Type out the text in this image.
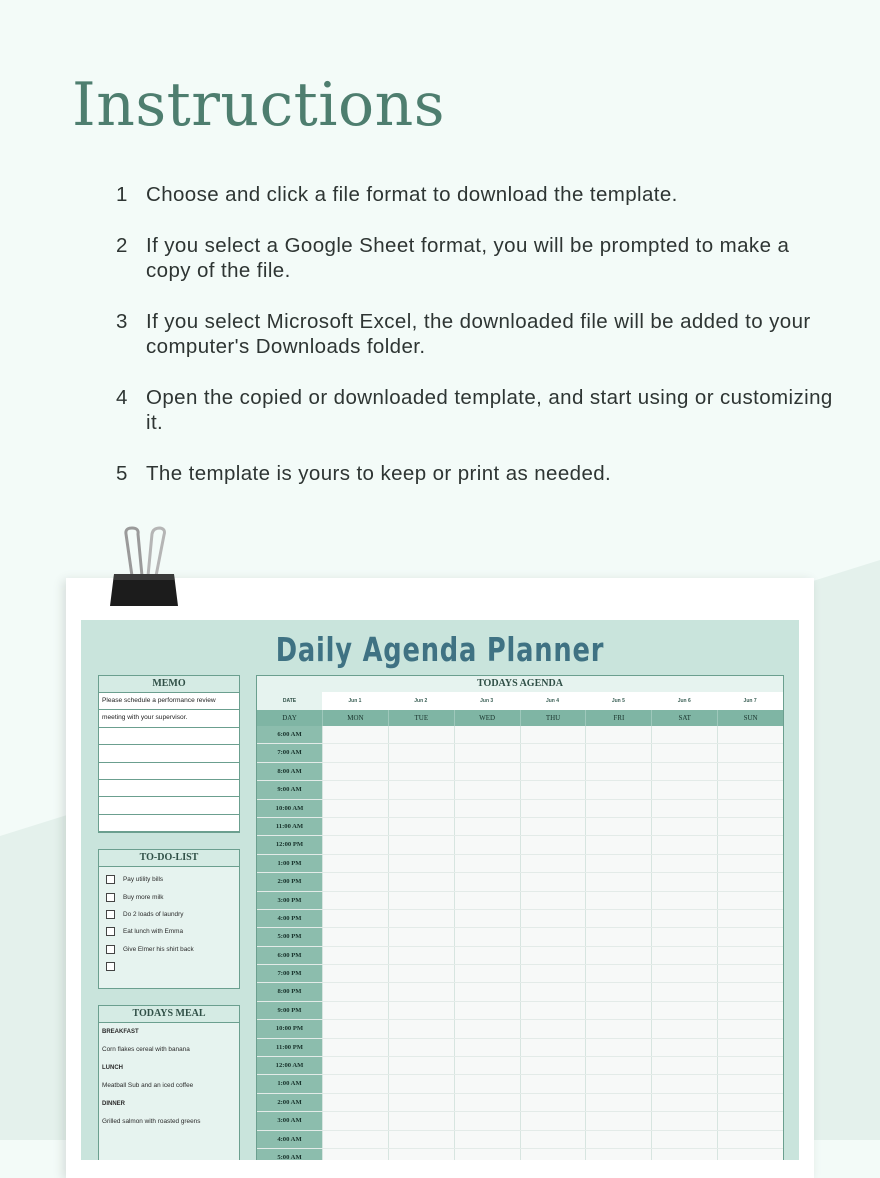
Instructions
1 Choose and click a file format to download the template.
2 If you select a Google Sheet format, you will be prompted to make a copy of the file.
3 If you select Microsoft Excel, the downloaded file will be added to your computer's Downloads folder.
4 Open the copied or downloaded template, and start using or customizing it.
5 The template is yours to keep or print as needed.
Daily Agenda Planner
MEMO
Please schedule a performance review
meeting with your supervisor.
TO-DO-LIST
Pay utility bills
Buy more milk
Do 2 loads of laundry
Eat lunch with Emma
Give Elmer his shirt back
TODAYS MEAL
BREAKFAST
Corn flakes cereal with banana
LUNCH
Meatball Sub and an iced coffee
DINNER
Grilled salmon with roasted greens
TODAYS AGENDA
DATE	Jun 1	Jun 2	Jun 3	Jun 4	Jun 5	Jun 6	Jun 7
DAY	MON	TUE	WED	THU	FRI	SAT	SUN
6:00 AM
7:00 AM
8:00 AM
9:00 AM
10:00 AM
11:00 AM
12:00 PM
1:00 PM
2:00 PM
3:00 PM
4:00 PM
5:00 PM
6:00 PM
7:00 PM
8:00 PM
9:00 PM
10:00 PM
11:00 PM
12:00 AM
1:00 AM
2:00 AM
3:00 AM
4:00 AM
5:00 AM
